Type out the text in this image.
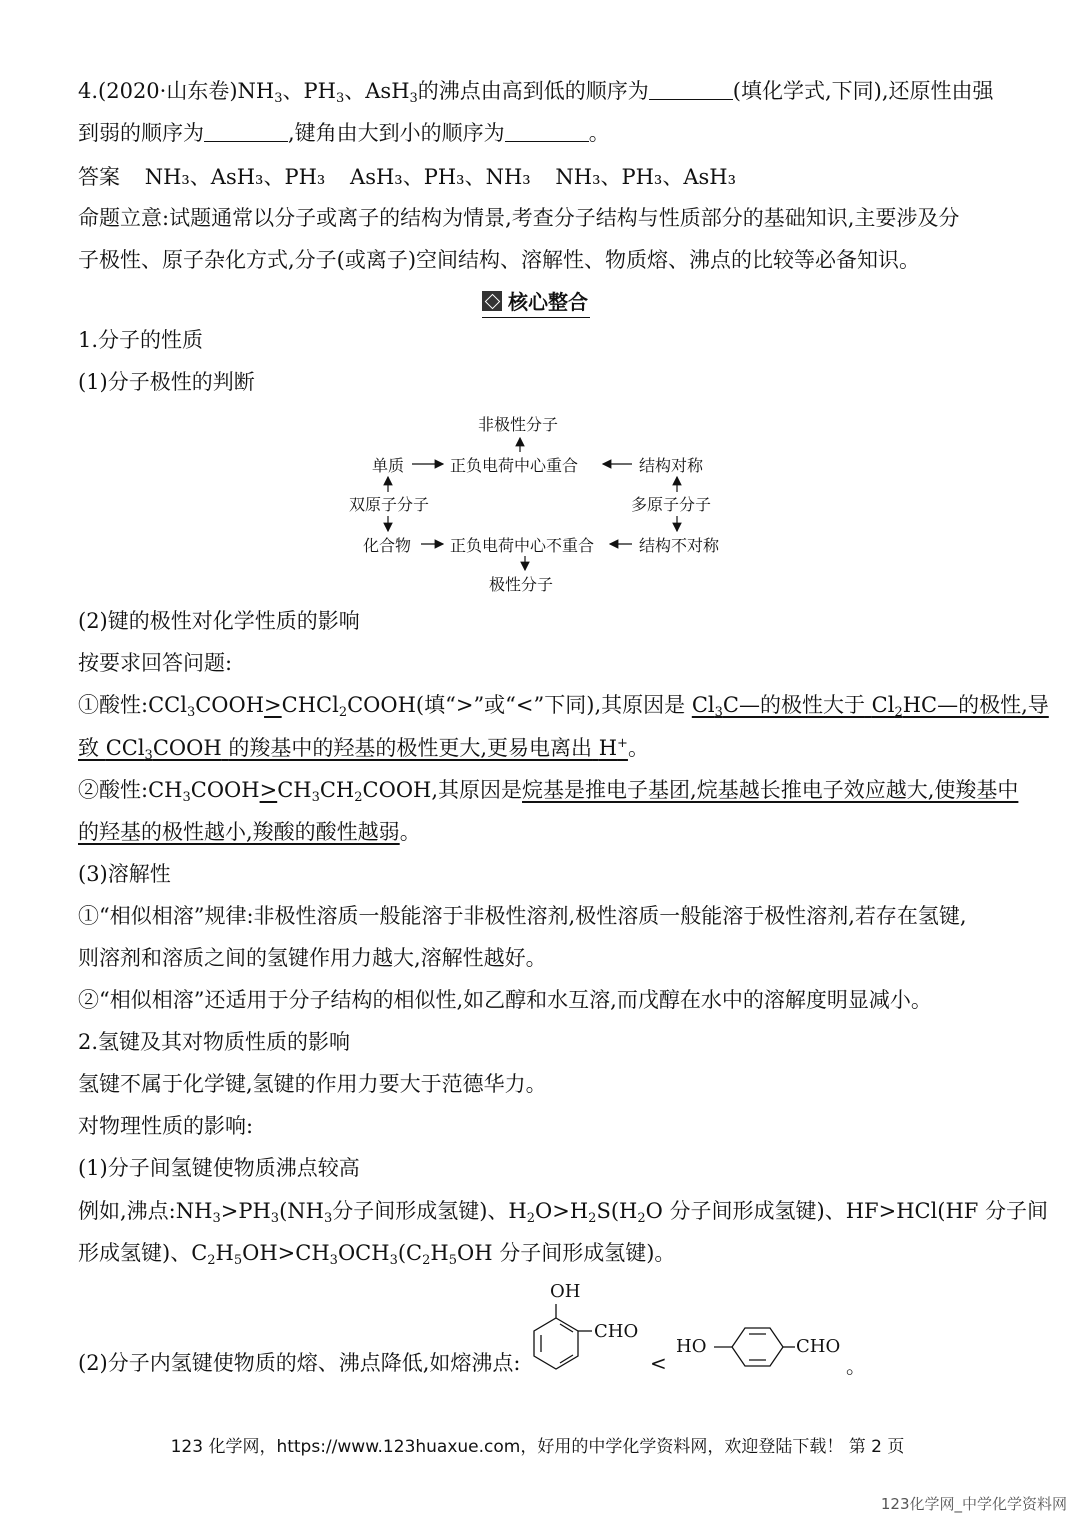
4.(2020·山东卷)$NH_3$、$PH_3$、AsH$_3$的沸点由高到低的顺序为	(填化学式,下同),还原性由强
到弱的顺序为	,键角由大到小的顺序为	。
答案 NH₃、AsH₃、PH₃ AsH₃、PH₃、NH₃ NH₃、PH₃、AsH₃
命题立意:试题通常以分子或离子的结构为情景,考查分子结构与性质部分的基础知识,主要涉及分
子极性、原子杂化方式,分子(或离子)空间结构、溶解性、物质熔、沸点的比较等必备知识。
核心整合
1.分子的性质
(1)分子极性的判断
非极性分子
单质	正负电荷中心重合	结构对称
双原子分子	多原子分子
化合物 正负电荷中心不重合	结构不对称
极性分子
(2)键的极性对化学性质的影响
按要求回答问题:
①酸性:CCl$_3$COOH>CHCl$_2$COOH(填“>”或“<”下同),其原因是 $Cl_3C—$的极性大于 $Cl_2HC—$的极性,导
致 CCl$_3$COOH 的羧基中的羟基的极性更大,更易电离出 H+。
②酸性$:CH_3COOH>CH_3CH_2COOH$,其原因是烷基是推电子基团,烷基越长推电子效应越大,使羧基中
的羟基的极性越小,羧酸的酸性越弱。
(3)溶解性
①“相似相溶”规律:非极性溶质一般能溶于非极性溶剂,极性溶质一般能溶于极性溶剂,若存在氢键,
则溶剂和溶质之间的氢键作用力越大,溶解性越好。
②“相似相溶”还适用于分子结构的相似性,如乙醇和水互溶,而戊醇在水中的溶解度明显减小。
2.氢键及其对物质性质的影响
氢键不属于化学键,氢键的作用力要大于范德华力。
对物理性质的影响:
(1)分子间氢键使物质沸点较高
例如,沸点$:NH_3>PH_3(NH_3$分子间形成氢键)、$H_2O>H_2S(H_2O$ 分子间形成氢键)、HF>HCl(HF 分子间
形成氢键)、$C_2H_5OH>CH_3OCH_3(C_2H_5OH$ 分子间形成氢键)。
(2)分子内氢键使物质的熔、沸点降低,如熔沸点:
OH
CHO
<
HO	CHO
。
123 化学网，https://www.123huaxue.com，好用的中学化学资料网，欢迎登陆下载！ 第 2 页
123化学网_中学化学资料网
